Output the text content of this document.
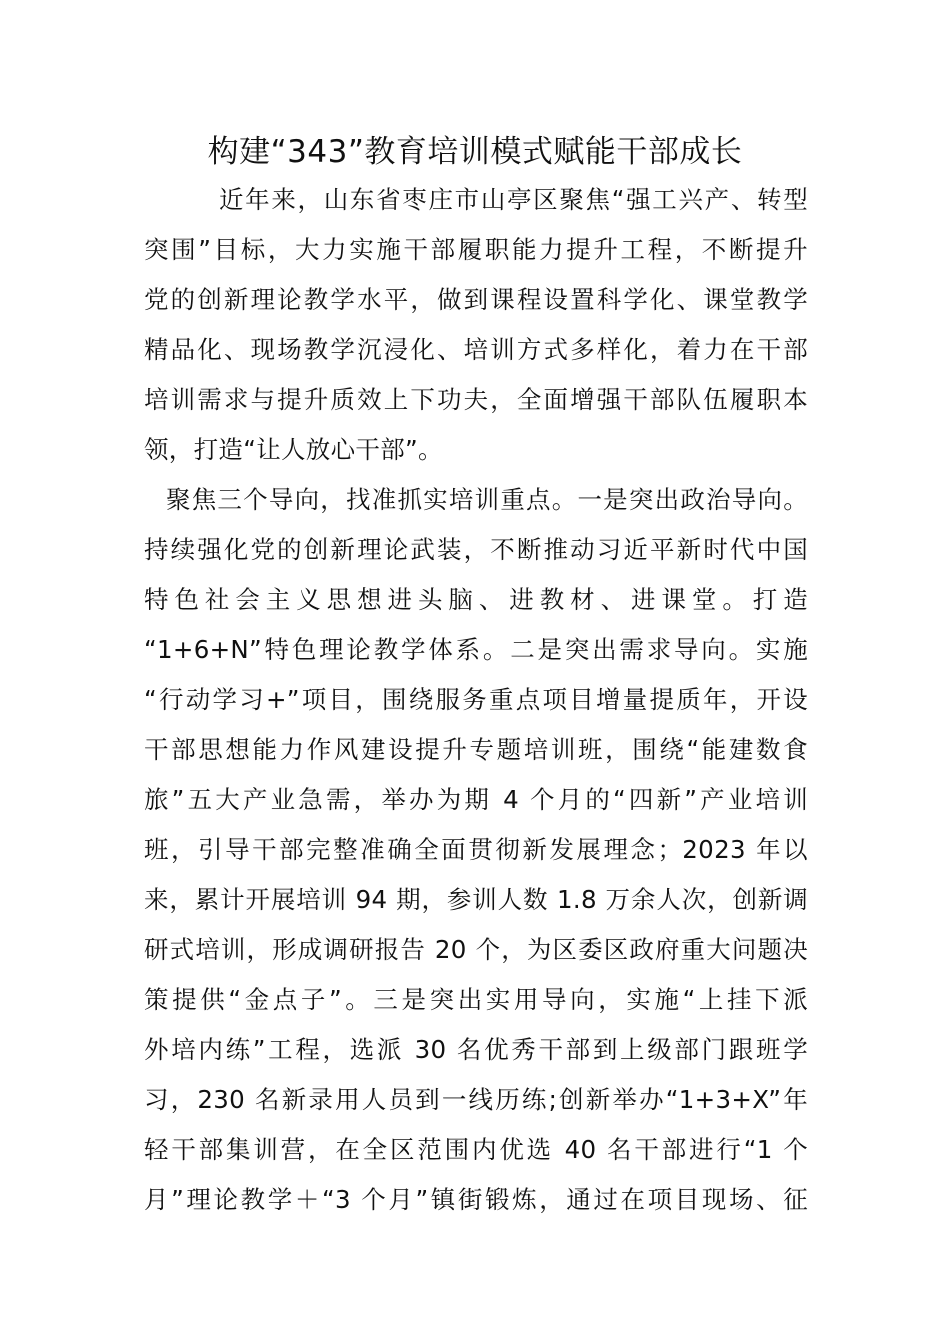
构建“343”教育培训模式赋能干部成长
近年来，山东省枣庄市山亭区聚焦“强工兴产、转型
突围”目标，大力实施干部履职能力提升工程，不断提升
党的创新理论教学水平，做到课程设置科学化、课堂教学
精品化、现场教学沉浸化、培训方式多样化，着力在干部
培训需求与提升质效上下功夫，全面增强干部队伍履职本
领，打造“让人放心干部”。
聚焦三个导向，找准抓实培训重点。一是突出政治导向。
持续强化党的创新理论武装，不断推动习近平新时代中国
特色社会主义思想进头脑、进教材、进课堂。打造
“1+6+N”特色理论教学体系。二是突出需求导向。实施
“行动学习+”项目，围绕服务重点项目增量提质年，开设
干部思想能力作风建设提升专题培训班，围绕“能建数食
旅”五大产业急需，举办为期 4 个月的“四新”产业培训
班，引导干部完整准确全面贯彻新发展理念；2023 年以
来，累计开展培训 94 期，参训人数 1.8 万余人次，创新调
研式培训，形成调研报告 20 个，为区委区政府重大问题决
策提供“金点子”。三是突出实用导向，实施“上挂下派
外培内练”工程，选派 30 名优秀干部到上级部门跟班学
习，230 名新录用人员到一线历练;创新举办“1+3+X”年
轻干部集训营，在全区范围内优选 40 名干部进行“1 个
月”理论教学＋“3 个月”镇街锻炼，通过在项目现场、征
